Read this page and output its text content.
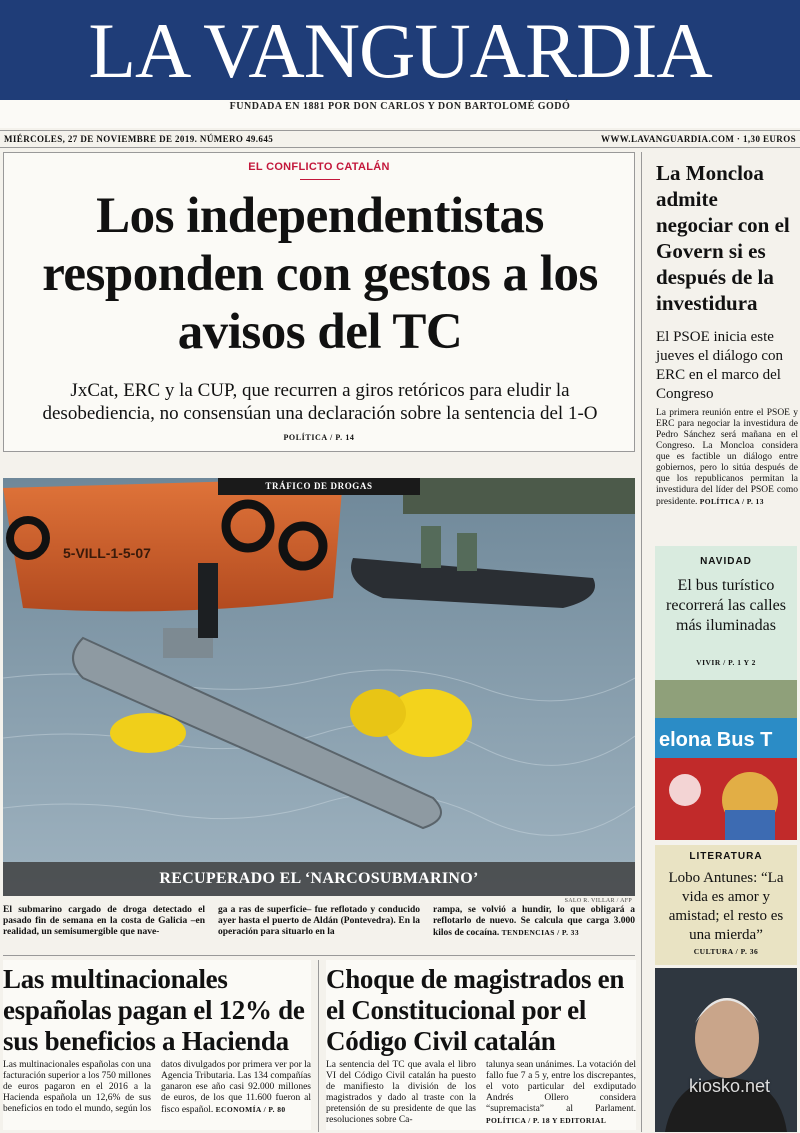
LA VANGUARDIA
FUNDADA EN 1881 POR DON CARLOS Y DON BARTOLOMÉ GODÓ
MIÉRCOLES, 27 DE NOVIEMBRE DE 2019. NÚMERO 49.645	WWW.LAVANGUARDIA.COM · 1,30 EUROS
EL CONFLICTO CATALÁN
Los independentistas responden con gestos a los avisos del TC
JxCat, ERC y la CUP, que recurren a giros retóricos para eludir la desobediencia, no consensúan una declaración sobre la sentencia del 1-O
POLÍTICA / P. 14
5-VILL-1-5-07
TRÁFICO DE DROGAS
RECUPERADO EL ‘NARCOSUBMARINO’
SALO R. VILLAR / AFP
El submarino cargado de droga detectado el pasado fin de semana en la costa de Galicia –en realidad, un semisumergible que nave-
ga a ras de superficie– fue reflotado y conducido ayer hasta el puerto de Aldán (Pontevedra). En la operación para situarlo en la
rampa, se volvió a hundir, lo que obligará a reflotarlo de nuevo. Se calcula que carga 3.000 kilos de cocaína. TENDENCIAS / P. 33
Las multinacionales españolas pagan el 12% de sus beneficios a Hacienda
Las multinacionales españolas con una facturación superior a los 750 millones de euros pagaron en el 2016 a la Hacienda española un 12,6% de sus beneficios en todo el mundo, según los
datos divulgados por primera ver por la Agencia Tributaria. Las 134 compañías ganaron ese año casi 92.000 millones de euros, de los que 11.600 fueron al fisco español. ECONOMÍA / P. 80
Choque de magistrados en el Constitucional por el Código Civil catalán
La sentencia del TC que avala el libro VI del Código Civil catalán ha puesto de manifiesto la división de los magistrados y dado al traste con la pretensión de su presidente de que las resoluciones sobre Ca-
talunya sean unánimes. La votación del fallo fue 7 a 5 y, entre los discrepantes, el voto particular del exdiputado Andrés Ollero considera “supremacista” al Parlament. POLÍTICA / P. 18 Y EDITORIAL
La Moncloa admite negociar con el Govern si es después de la investidura
El PSOE inicia este jueves el diálogo con ERC en el marco del Congreso
La primera reunión entre el PSOE y ERC para negociar la investidura de Pedro Sánchez será mañana en el Congreso. La Moncloa considera que es factible un diálogo entre gobiernos, pero lo sitúa después de que los republicanos permitan la investidura del líder del PSOE como presidente. POLÍTICA / P. 13
NAVIDAD
El bus turístico recorrerá las calles más iluminadas
VIVIR / P. 1 Y 2
elona Bus T
LITERATURA
Lobo Antunes: “La vida es amor y amistad; el resto es una mierda”
CULTURA / P. 36
kiosko.net
